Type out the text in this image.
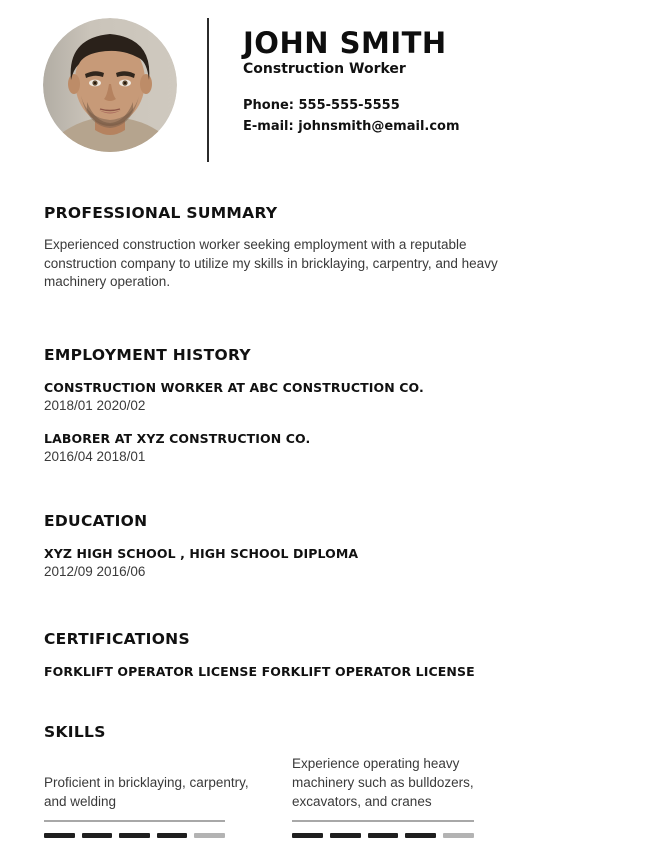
JOHN SMITH
Construction Worker
Phone: 555-555-5555
E-mail: johnsmith@email.com
PROFESSIONAL SUMMARY
Experienced construction worker seeking employment with a reputable construction company to utilize my skills in bricklaying, carpentry, and heavy machinery operation.
EMPLOYMENT HISTORY
CONSTRUCTION WORKER AT ABC CONSTRUCTION CO.
2018/01 2020/02
LABORER AT XYZ CONSTRUCTION CO.
2016/04 2018/01
EDUCATION
XYZ HIGH SCHOOL , HIGH SCHOOL DIPLOMA
2012/09 2016/06
CERTIFICATIONS
FORKLIFT OPERATOR LICENSE FORKLIFT OPERATOR LICENSE
SKILLS
Proficient in bricklaying, carpentry, and welding
Experience operating heavy machinery such as bulldozers, excavators, and cranes
